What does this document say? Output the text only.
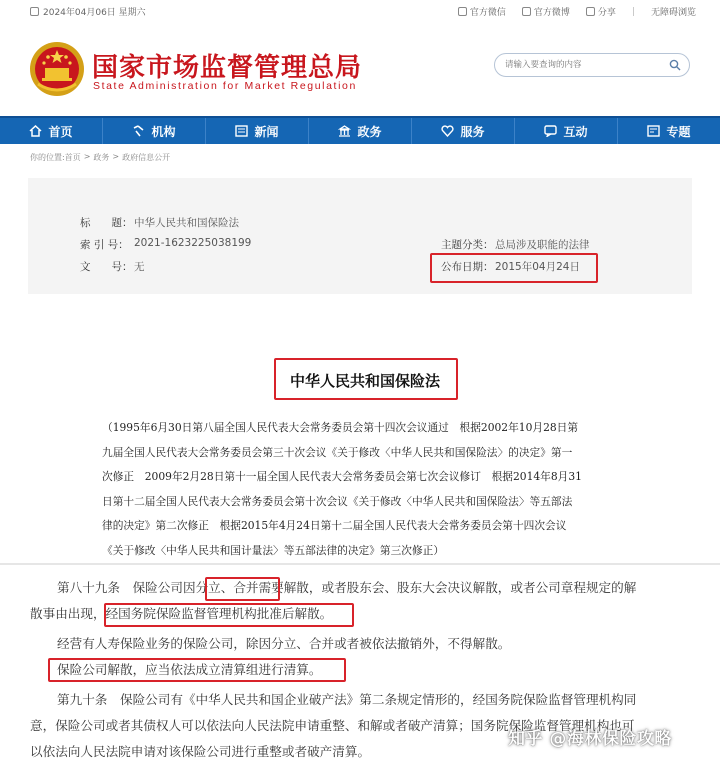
2024年04月06日 星期六	官方微信	官方微博	分享 | 无障碍浏览
国家市场监督管理总局
State Administration for Market Regulation
请输入要查询的内容
首页	机构	新闻	政务	服务	互动	专题
你的位置:首页 > 政务 > 政府信息公开
标　　题： 中华人民共和国保险法
索 引 号： 2021-1623225038199
文　　号： 无
主题分类： 总局涉及职能的法律
公布日期： 2015年04月24日
中华人民共和国保险法
（1995年6月30日第八届全国人民代表大会常务委员会第十四次会议通过　根据2002年10月28日第
九届全国人民代表大会常务委员会第三十次会议《关于修改〈中华人民共和国保险法〉的决定》第一
次修正　2009年2月28日第十一届全国人民代表大会常务委员会第七次会议修订　根据2014年8月31
日第十二届全国人民代表大会常务委员会第十次会议《关于修改〈中华人民共和国保险法〉等五部法
律的决定》第二次修正　根据2015年4月24日第十二届全国人民代表大会常务委员会第十四次会议
《关于修改〈中华人民共和国计量法〉等五部法律的决定》第三次修正）
第八十九条　保险公司因分立、合并需要解散，或者股东会、股东大会决议解散，或者公司章程规定的解
散事由出现，经国务院保险监督管理机构批准后解散。
经营有人寿保险业务的保险公司，除因分立、合并或者被依法撤销外，不得解散。
保险公司解散，应当依法成立清算组进行清算。
第九十条　保险公司有《中华人民共和国企业破产法》第二条规定情形的，经国务院保险监督管理机构同
意，保险公司或者其债权人可以依法向人民法院申请重整、和解或者破产清算；国务院保险监督管理机构也可
以依法向人民法院申请对该保险公司进行重整或者破产清算。
知乎 @海林保险攻略
